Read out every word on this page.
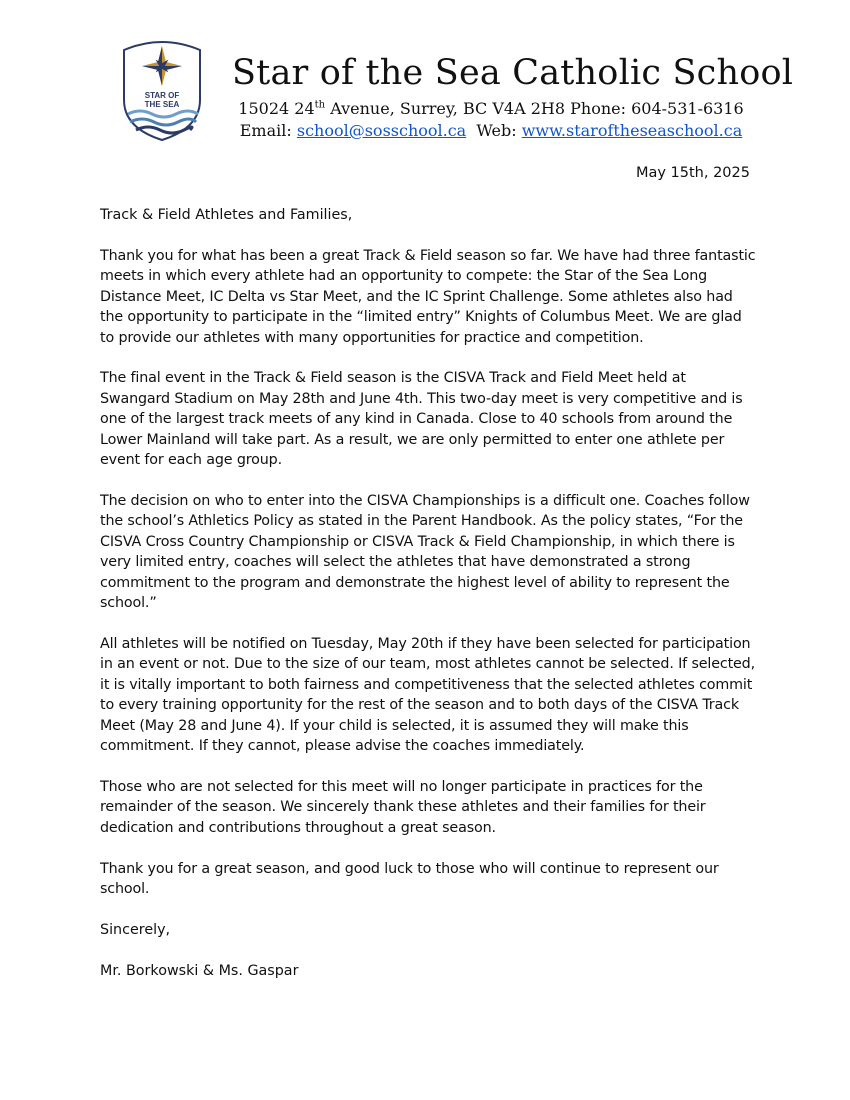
STAR OF
THE SEA
Star of the Sea Catholic School
15024 24th Avenue, Surrey, BC V4A 2H8 Phone: 604-531-6316
Email: school@sosschool.ca Web: www.staroftheseaschool.ca
May 15th, 2025

Track & Field Athletes and Families,

Thank you for what has been a great Track & Field season so far. We have had three fantastic meets in which every athlete had an opportunity to compete: the Star of the Sea Long Distance Meet, IC Delta vs Star Meet, and the IC Sprint Challenge. Some athletes also had the opportunity to participate in the “limited entry” Knights of Columbus Meet. We are glad to provide our athletes with many opportunities for practice and competition.

The final event in the Track & Field season is the CISVA Track and Field Meet held at Swangard Stadium on May 28th and June 4th. This two-day meet is very competitive and is one of the largest track meets of any kind in Canada. Close to 40 schools from around the Lower Mainland will take part. As a result, we are only permitted to enter one athlete per event for each age group.

The decision on who to enter into the CISVA Championships is a difficult one. Coaches follow the school’s Athletics Policy as stated in the Parent Handbook. As the policy states, “For the CISVA Cross Country Championship or CISVA Track & Field Championship, in which there is very limited entry, coaches will select the athletes that have demonstrated a strong commitment to the program and demonstrate the highest level of ability to represent the school.”

All athletes will be notified on Tuesday, May 20th if they have been selected for participation in an event or not. Due to the size of our team, most athletes cannot be selected. If selected, it is vitally important to both fairness and competitiveness that the selected athletes commit to every training opportunity for the rest of the season and to both days of the CISVA Track Meet (May 28 and June 4). If your child is selected, it is assumed they will make this commitment. If they cannot, please advise the coaches immediately.

Those who are not selected for this meet will no longer participate in practices for the remainder of the season. We sincerely thank these athletes and their families for their dedication and contributions throughout a great season.

Thank you for a great season, and good luck to those who will continue to represent our school.

Sincerely,

Mr. Borkowski & Ms. Gaspar
